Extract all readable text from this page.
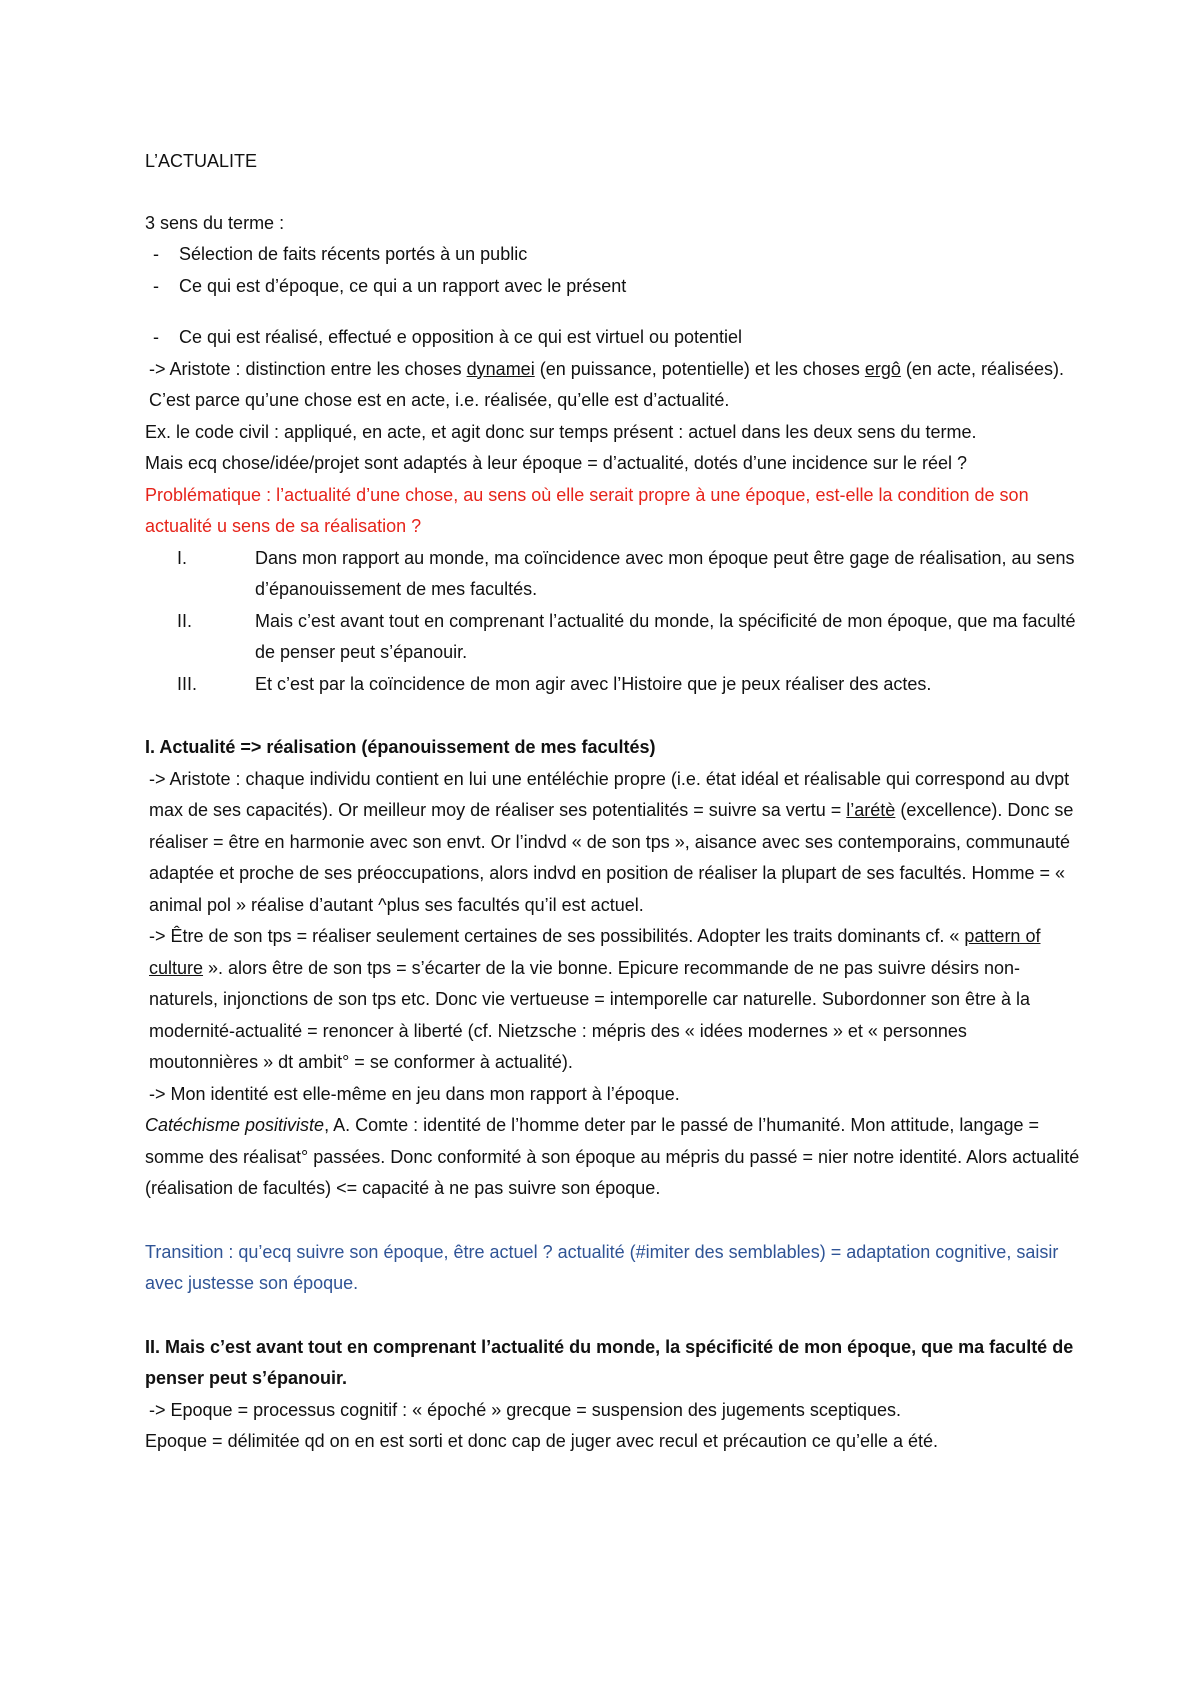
L’ACTUALITE

3 sens du terme :

- Sélection de faits récents portés à un public
- Ce qui est d’époque, ce qui a un rapport avec le présent
- Ce qui est réalisé, effectué e opposition à ce qui est virtuel ou potentiel

-> Aristote : distinction entre les choses dynamei (en puissance, potentielle) et les choses ergô (en acte, réalisées). C’est parce qu’une chose est en acte, i.e. réalisée, qu’elle est d’actualité.

Ex. le code civil : appliqué, en acte, et agit donc sur temps présent : actuel dans les deux sens du terme.

Mais ecq chose/idée/projet sont adaptés à leur époque = d’actualité, dotés d’une incidence sur le réel ?

Problématique : l’actualité d’une chose, au sens où elle serait propre à une époque, est-elle la condition de son actualité u sens de sa réalisation ?

I.	Dans mon rapport au monde, ma coïncidence avec mon époque peut être gage de réalisation, au sens d’épanouissement de mes facultés.
II.	Mais c’est avant tout en comprenant l’actualité du monde, la spécificité de mon époque, que ma faculté de penser peut s’épanouir.
III.	Et c’est par la coïncidence de mon agir avec l’Histoire que je peux réaliser des actes.

I. Actualité => réalisation (épanouissement de mes facultés)

-> Aristote : chaque individu contient en lui une entéléchie propre (i.e. état idéal et réalisable qui correspond au dvpt max de ses capacités). Or meilleur moy de réaliser ses potentialités = suivre sa vertu = l’arétè (excellence). Donc se réaliser = être en harmonie avec son envt. Or l’indvd « de son tps », aisance avec ses contemporains, communauté adaptée et proche de ses préoccupations, alors indvd en position de réaliser la plupart de ses facultés. Homme = « animal pol » réalise d’autant ^plus ses facultés qu’il est actuel.

-> Être de son tps = réaliser seulement certaines de ses possibilités. Adopter les traits dominants cf. « pattern of culture ». alors être de son tps = s’écarter de la vie bonne. Epicure recommande de ne pas suivre désirs non-naturels, injonctions de son tps etc. Donc vie vertueuse = intemporelle car naturelle. Subordonner son être à la modernité-actualité = renoncer à liberté (cf. Nietzsche : mépris des « idées modernes » et « personnes moutonnières » dt ambit° = se conformer à actualité).

-> Mon identité est elle-même en jeu dans mon rapport à l’époque.

Catéchisme positiviste, A. Comte : identité de l’homme deter par le passé de l’humanité. Mon attitude, langage = somme des réalisat° passées. Donc conformité à son époque au mépris du passé = nier notre identité. Alors actualité (réalisation de facultés) <= capacité à ne pas suivre son époque.

Transition : qu’ecq suivre son époque, être actuel ? actualité (#imiter des semblables) = adaptation cognitive, saisir avec justesse son époque.

II. Mais c’est avant tout en comprenant l’actualité du monde, la spécificité de mon époque, que ma faculté de penser peut s’épanouir.

-> Epoque = processus cognitif : « époché » grecque = suspension des jugements sceptiques.

Epoque = délimitée qd on en est sorti et donc cap de juger avec recul et précaution ce qu’elle a été.
